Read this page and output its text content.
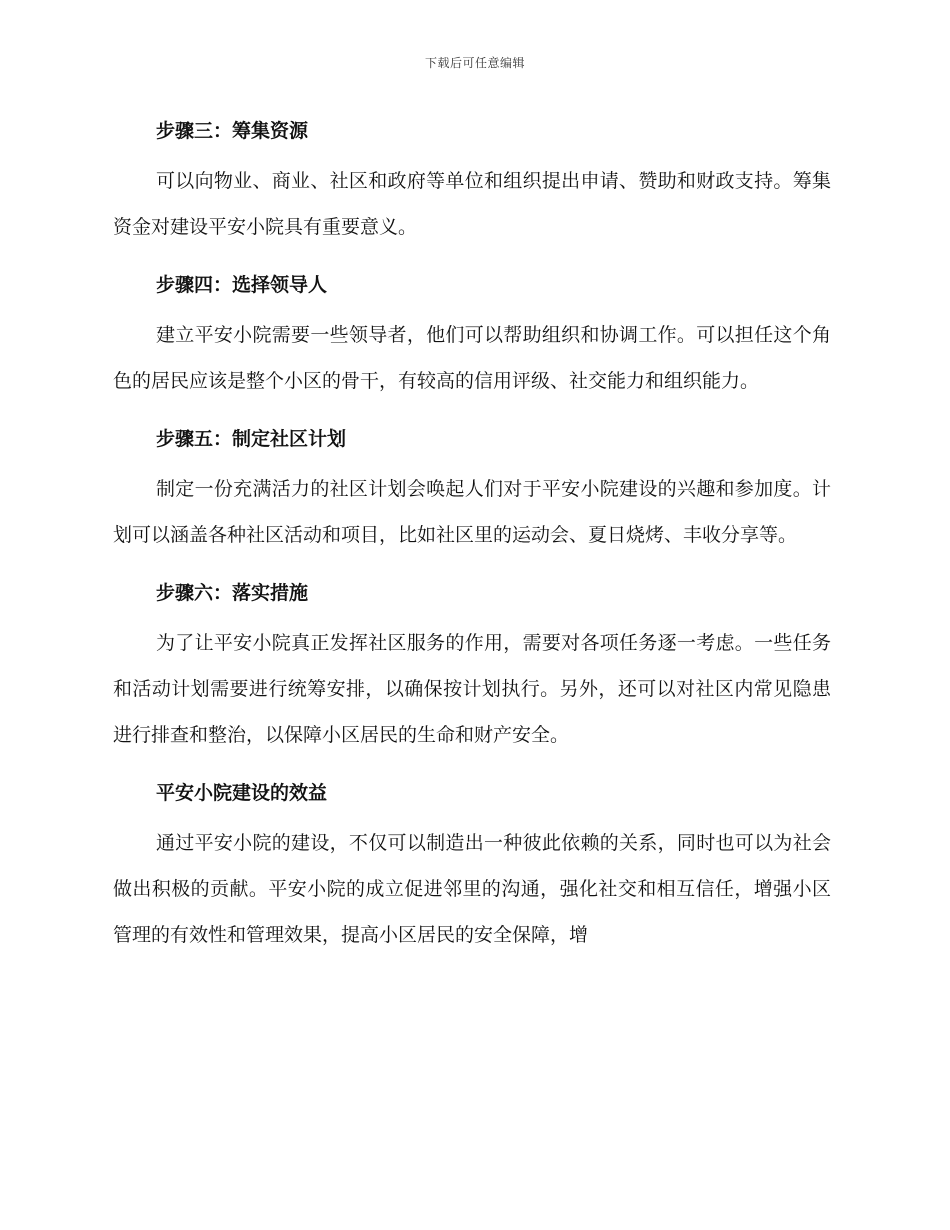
下载后可任意编辑
步骤三：筹集资源

可以向物业、商业、社区和政府等单位和组织提出申请、赞助和财政支持。筹集资金对建设平安小院具有重要意义。

步骤四：选择领导人

建立平安小院需要一些领导者，他们可以帮助组织和协调工作。可以担任这个角色的居民应该是整个小区的骨干，有较高的信用评级、社交能力和组织能力。

步骤五：制定社区计划

制定一份充满活力的社区计划会唤起人们对于平安小院建设的兴趣和参加度。计划可以涵盖各种社区活动和项目，比如社区里的运动会、夏日烧烤、丰收分享等。

步骤六：落实措施

为了让平安小院真正发挥社区服务的作用，需要对各项任务逐一考虑。一些任务和活动计划需要进行统筹安排，以确保按计划执行。另外，还可以对社区内常见隐患进行排查和整治，以保障小区居民的生命和财产安全。

平安小院建设的效益

通过平安小院的建设，不仅可以制造出一种彼此依赖的关系，同时也可以为社会做出积极的贡献。平安小院的成立促进邻里的沟通，强化社交和相互信任，增强小区管理的有效性和管理效果，提高小区居民的安全保障，增
